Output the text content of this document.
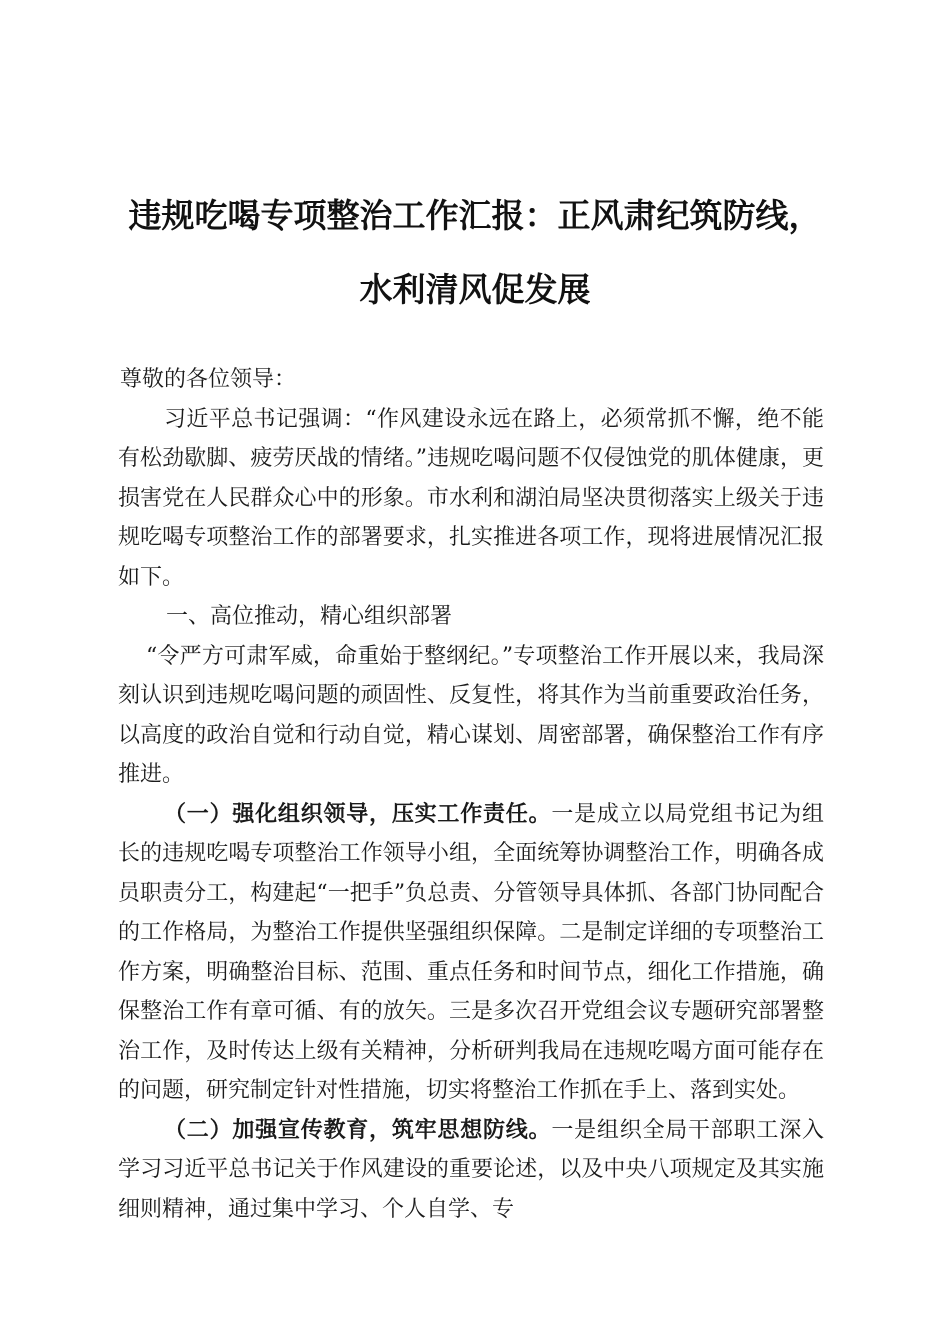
违规吃喝专项整治工作汇报：正风肃纪筑防线，
水利清风促发展

尊敬的各位领导：

习近平总书记强调：“作风建设永远在路上，必须常抓不懈，绝不能有松劲歇脚、疲劳厌战的情绪。”违规吃喝问题不仅侵蚀党的肌体健康，更损害党在人民群众心中的形象。市水利和湖泊局坚决贯彻落实上级关于违规吃喝专项整治工作的部署要求，扎实推进各项工作，现将进展情况汇报如下。

一、高位推动，精心组织部署

“令严方可肃军威，命重始于整纲纪。”专项整治工作开展以来，我局深刻认识到违规吃喝问题的顽固性、反复性，将其作为当前重要政治任务，以高度的政治自觉和行动自觉，精心谋划、周密部署，确保整治工作有序推进。

（一）强化组织领导，压实工作责任。一是成立以局党组书记为组长的违规吃喝专项整治工作领导小组，全面统筹协调整治工作，明确各成员职责分工，构建起“一把手”负总责、分管领导具体抓、各部门协同配合的工作格局，为整治工作提供坚强组织保障。二是制定详细的专项整治工作方案，明确整治目标、范围、重点任务和时间节点，细化工作措施，确保整治工作有章可循、有的放矢。三是多次召开党组会议专题研究部署整治工作，及时传达上级有关精神，分析研判我局在违规吃喝方面可能存在的问题，研究制定针对性措施，切实将整治工作抓在手上、落到实处。

（二）加强宣传教育，筑牢思想防线。一是组织全局干部职工深入学习习近平总书记关于作风建设的重要论述，以及中央八项规定及其实施细则精神，通过集中学习、个人自学、专
